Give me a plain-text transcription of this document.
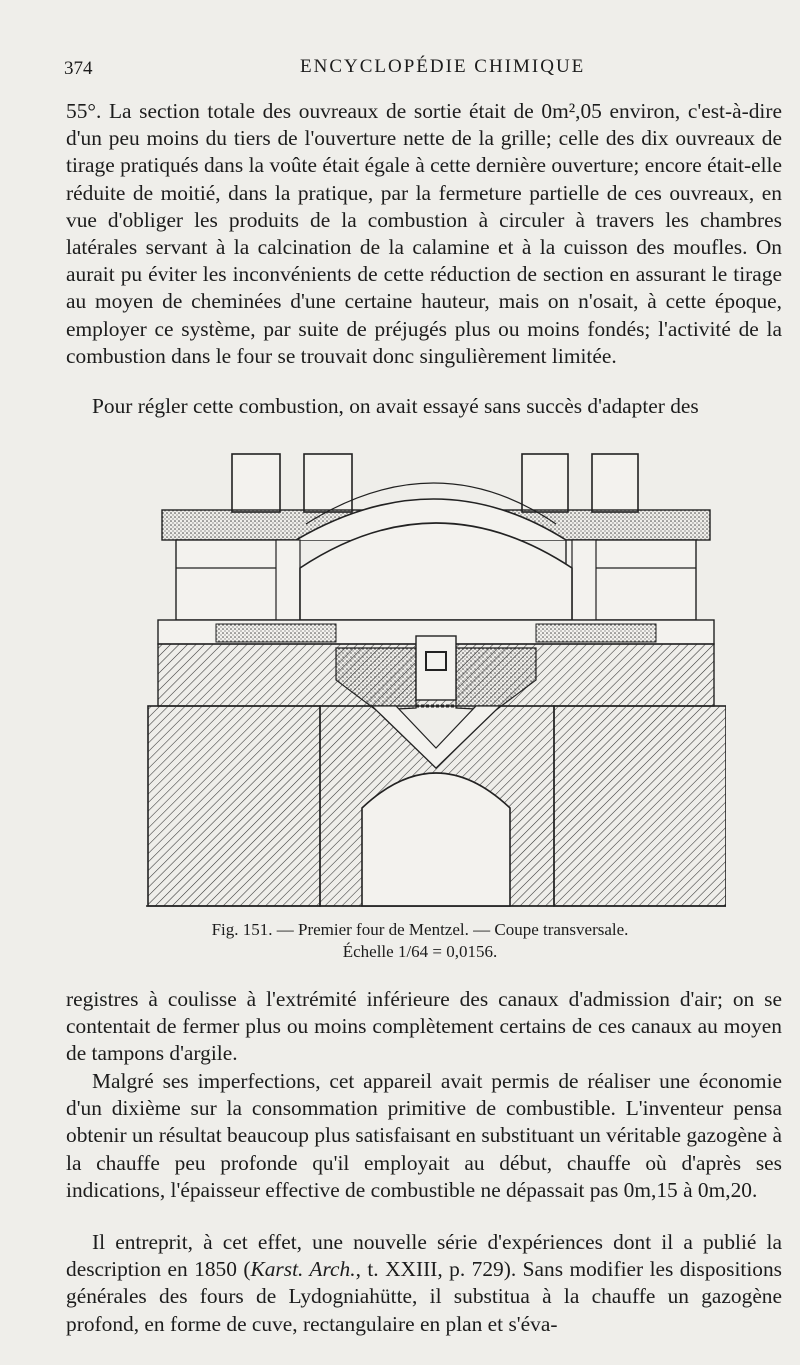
374	ENCYCLOPÉDIE CHIMIQUE

55°. La section totale des ouvreaux de sortie était de 0m²,05 environ, c'est-à-dire d'un peu moins du tiers de l'ouverture nette de la grille; celle des dix ouvreaux de tirage pratiqués dans la voûte était égale à cette dernière ouverture; encore était-elle réduite de moitié, dans la pratique, par la fermeture partielle de ces ouvreaux, en vue d'obliger les produits de la combustion à circuler à travers les chambres latérales servant à la calcination de la calamine et à la cuisson des moufles. On aurait pu éviter les inconvénients de cette réduction de section en assurant le tirage au moyen de cheminées d'une certaine hauteur, mais on n'osait, à cette époque, employer ce système, par suite de préjugés plus ou moins fondés; l'activité de la combustion dans le four se trouvait donc singulièrement limitée.

Pour régler cette combustion, on avait essayé sans succès d'adapter des

Fig. 151. — Premier four de Mentzel. — Coupe transversale.

Échelle 1/64 = 0,0156.

registres à coulisse à l'extrémité inférieure des canaux d'admission d'air; on se contentait de fermer plus ou moins complètement certains de ces canaux au moyen de tampons d'argile.

Malgré ses imperfections, cet appareil avait permis de réaliser une économie d'un dixième sur la consommation primitive de combustible. L'inventeur pensa obtenir un résultat beaucoup plus satisfaisant en substituant un véritable gazogène à la chauffe peu profonde qu'il employait au début, chauffe où d'après ses indications, l'épaisseur effective de combustible ne dépassait pas 0m,15 à 0m,20.

Il entreprit, à cet effet, une nouvelle série d'expériences dont il a publié la description en 1850 (Karst. Arch., t. XXIII, p. 729). Sans modifier les dispositions générales des fours de Lydogniahütte, il substitua à la chauffe un gazogène profond, en forme de cuve, rectangulaire en plan et s'éva-
